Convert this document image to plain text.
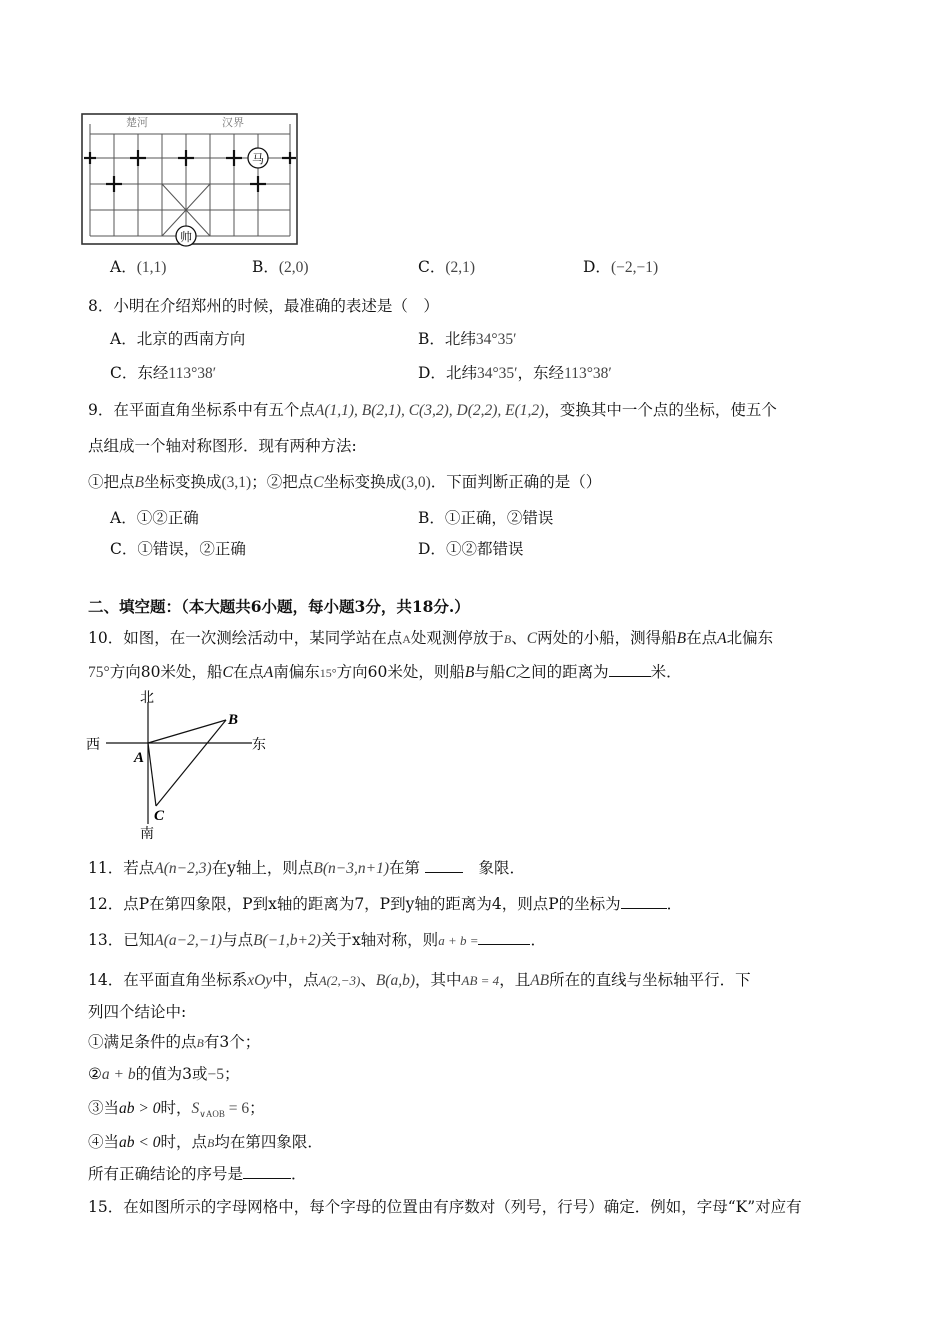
楚河	汉界
马
帅
A．(1,1)	B．(2,0)	C．(2,1)	D．(−2,−1)
8．小明在介绍郑州的时候，最准确的表述是（　）
A．北京的西南方向	B．北纬34°35′
C．东经113°38′	D．北纬34°35′，东经113°38′
9．在平面直角坐标系中有五个点A(1,1), B(2,1), C(3,2), D(2,2), E(1,2)，变换其中一个点的坐标，使五个
点组成一个轴对称图形．现有两种方法:
①把点B坐标变换成(3,1)；②把点C坐标变换成(3,0)．下面判断正确的是（）
A．①②正确	B．①正确，②错误
C．①错误，②正确	D．①②都错误
二、填空题：（本大题共6小题，每小题3分，共18分.）
10．如图，在一次测绘活动中，某同学站在点A处观测停放于B、C两处的小船，测得船B在点A北偏东
75°方向80米处，船C在点A南偏东15°方向60米处，则船B与船C之间的距离为	米．
北
南
西	东
A
B
C
11．若点A(n−2,3)在y轴上，则点B(n−3,n+1)在第 　	象限．
12．点P在第四象限，P到x轴的距离为7，P到y轴的距离为4，则点P的坐标为	．
13．已知A(a−2,−1)与点B(−1,b+2)关于x轴对称，则a + b =	．
14．在平面直角坐标系xOy中，点A(2,−3)、B(a,b)，其中AB = 4，且AB所在的直线与坐标轴平行．下
列四个结论中:
①满足条件的点B有3个；
②a + b的值为3或−5；
③当ab > 0时，$S_{\vee AOB} = 6$；
④当ab < 0时，点B均在第四象限．
所有正确结论的序号是	．
15．在如图所示的字母网格中，每个字母的位置由有序数对（列号，行号）确定．例如，字母“K”对应有
